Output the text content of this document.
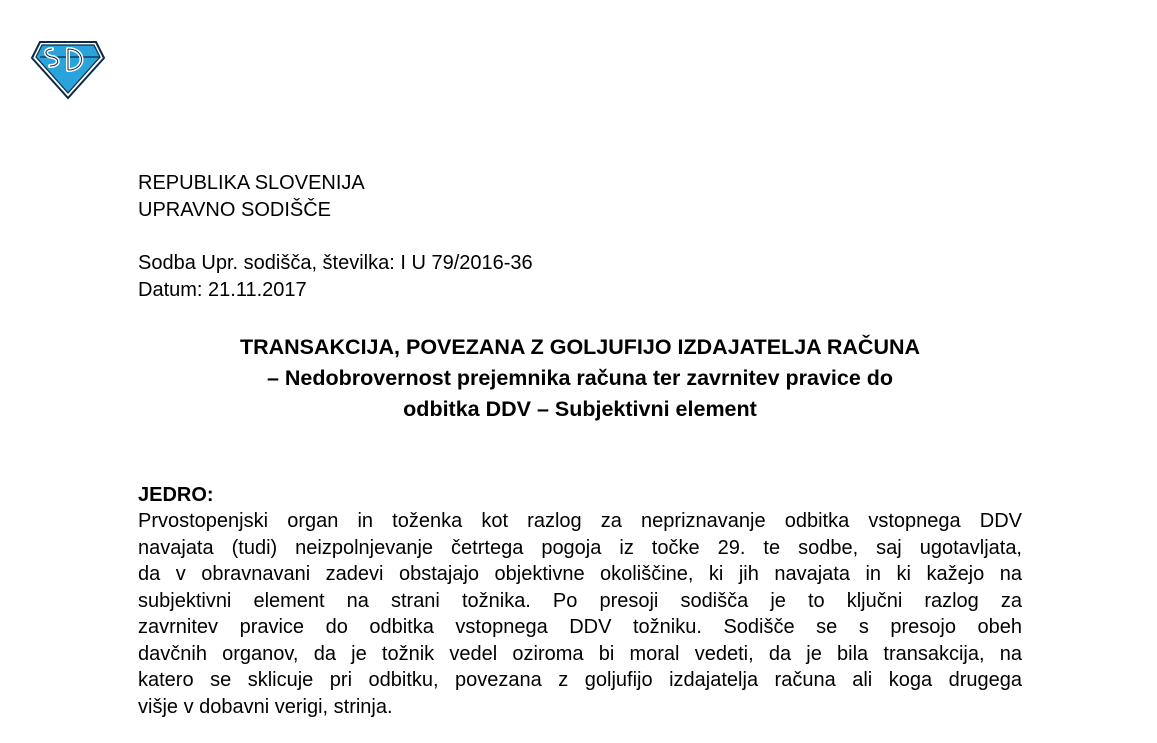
REPUBLIKA SLOVENIJA
UPRAVNO SODIŠČE
Sodba Upr. sodišča, številka: I U 79/2016-36
Datum: 21.11.2017
TRANSAKCIJA, POVEZANA Z GOLJUFIJO IZDAJATELJA RAČUNA
– Nedobrovernost prejemnika računa ter zavrnitev pravice do
odbitka DDV – Subjektivni element
JEDRO:
Prvostopenjski organ in toženka kot razlog za nepriznavanje odbitka vstopnega DDV
navajata (tudi) neizpolnjevanje četrtega pogoja iz točke 29. te sodbe, saj ugotavljata,
da v obravnavani zadevi obstajajo objektivne okoliščine, ki jih navajata in ki kažejo na
subjektivni element na strani tožnika. Po presoji sodišča je to ključni razlog za
zavrnitev pravice do odbitka vstopnega DDV tožniku. Sodišče se s presojo obeh
davčnih organov, da je tožnik vedel oziroma bi moral vedeti, da je bila transakcija, na
katero se sklicuje pri odbitku, povezana z goljufijo izdajatelja računa ali koga drugega
višje v dobavni verigi, strinja.
